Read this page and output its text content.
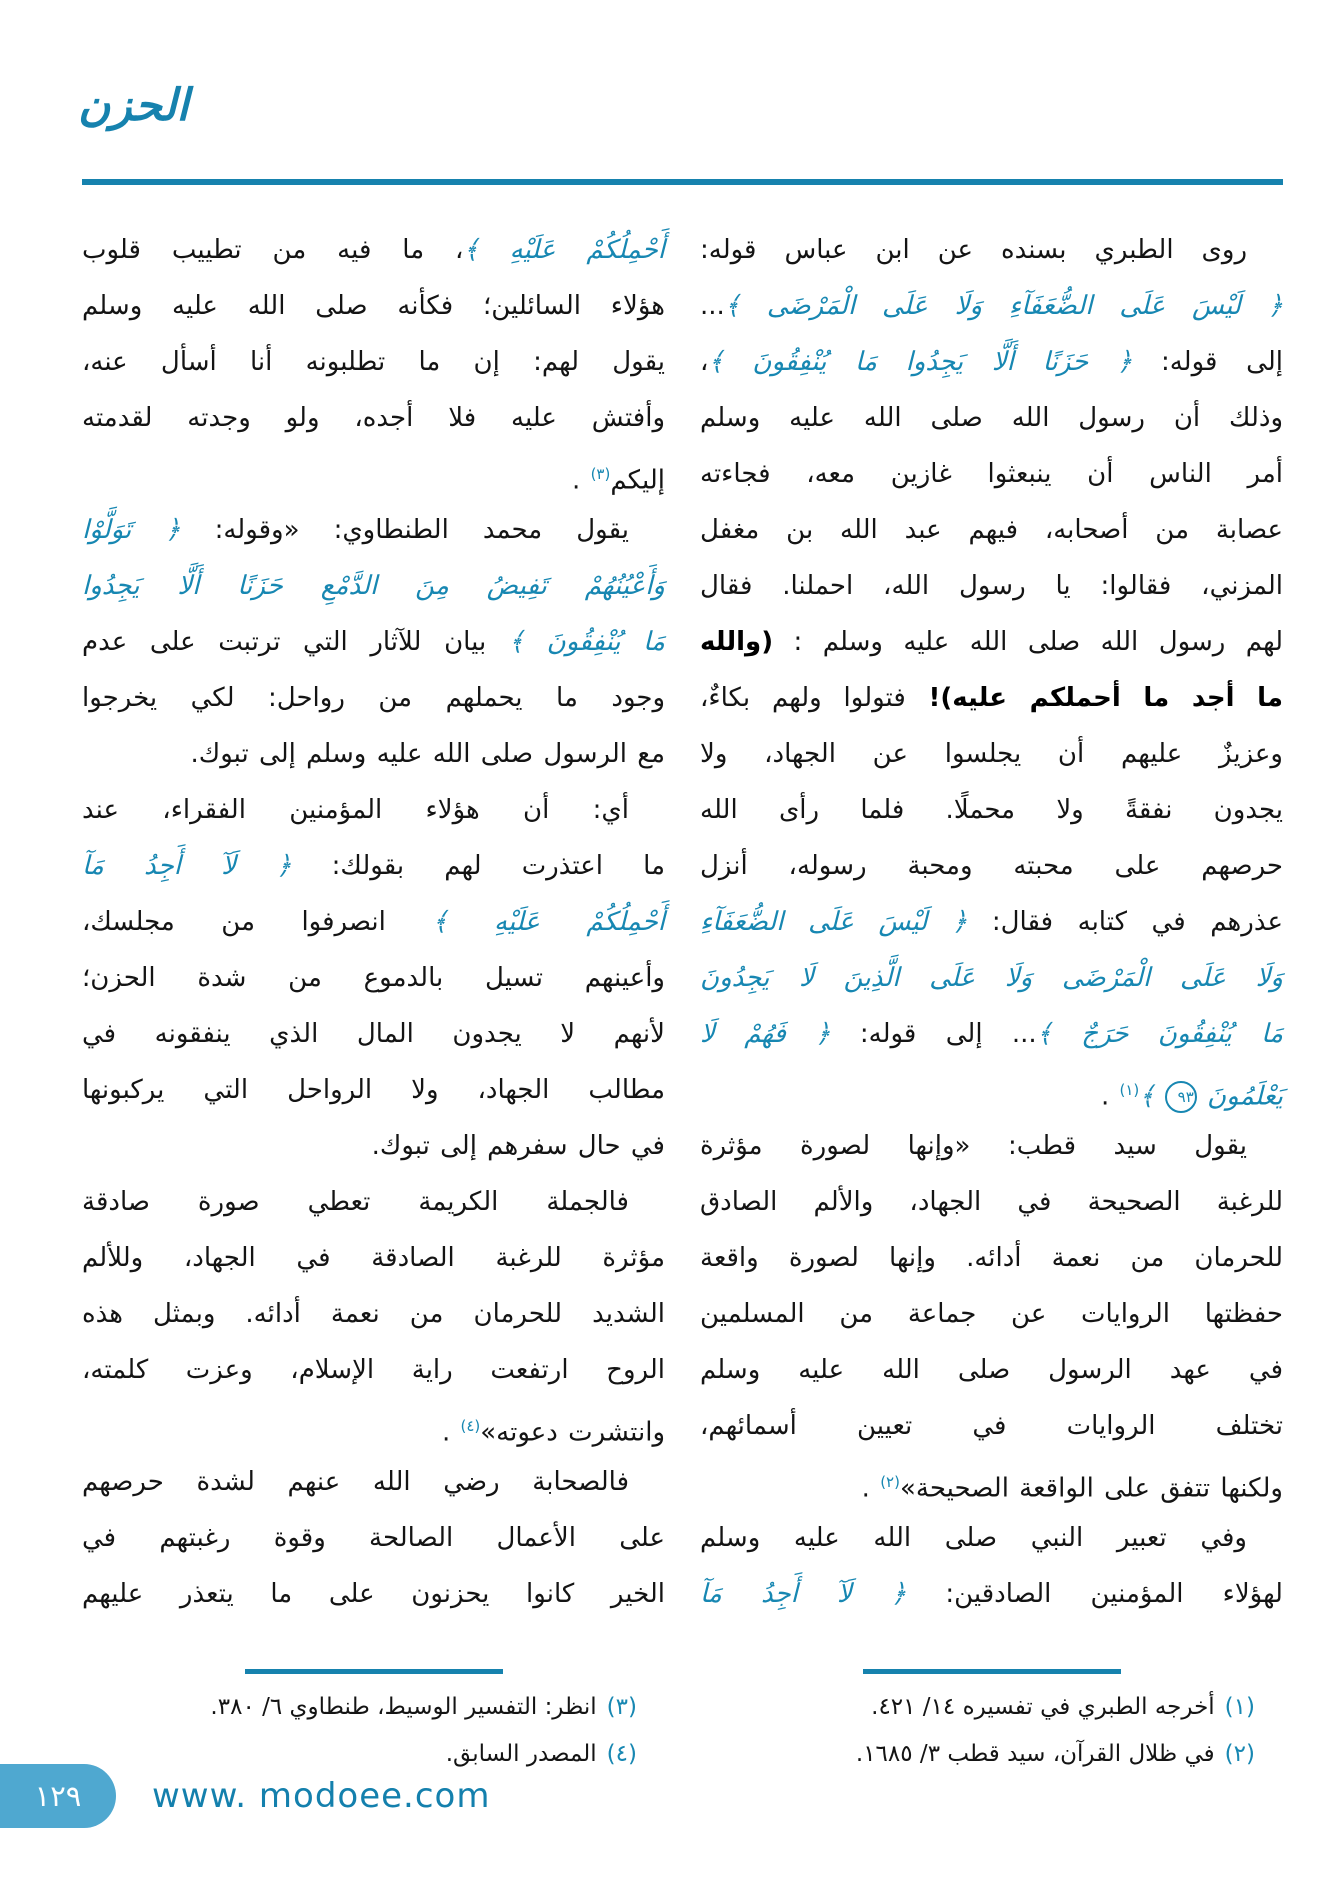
الحزن
روى الطبري بسنده عن ابن عباس قوله:
﴿ لَيْسَ عَلَى الضُّعَفَآءِ وَلَا عَلَى الْمَرْضَى ﴾...
إلى قوله: ﴿ حَزَنًا أَلَّا يَجِدُوا مَا يُنْفِقُونَ ﴾،
وذلك أن رسول الله صلى الله عليه وسلم
أمر الناس أن ينبعثوا غازين معه، فجاءته
عصابة من أصحابه، فيهم عبد الله بن مغفل
المزني، فقالوا: يا رسول الله، احملنا. فقال
لهم رسول الله صلى الله عليه وسلم : (والله
ما أجد ما أحملكم عليه)! فتولوا ولهم بكاءٌ،
وعزيزٌ عليهم أن يجلسوا عن الجهاد، ولا
يجدون نفقةً ولا محملًا. فلما رأى الله
حرصهم على محبته ومحبة رسوله، أنزل
عذرهم في كتابه فقال: ﴿ لَيْسَ عَلَى الضُّعَفَآءِ
وَلَا عَلَى الْمَرْضَى وَلَا عَلَى الَّذِينَ لَا يَجِدُونَ
مَا يُنْفِقُونَ حَرَجٌ ﴾... إلى قوله: ﴿ فَهُمْ لَا
يَعْلَمُونَ ٩٣ ﴾$^{(١)}$ .
يقول سيد قطب: «وإنها لصورة مؤثرة
للرغبة الصحيحة في الجهاد، والألم الصادق
للحرمان من نعمة أدائه. وإنها لصورة واقعة
حفظتها الروايات عن جماعة من المسلمين
في عهد الرسول صلى الله عليه وسلم
تختلف الروايات في تعيين أسمائهم،
ولكنها تتفق على الواقعة الصحيحة»$^{(٢)}$ .
وفي تعبير النبي صلى الله عليه وسلم
لهؤلاء المؤمنين الصادقين: ﴿ لَآ أَجِدُ مَآ
(١)أخرجه الطبري في تفسيره ١٤/ ٤٢١.
(٢)في ظلال القرآن، سيد قطب ٣/ ١٦٨٥.
أَحْمِلُكُمْ عَلَيْهِ ﴾، ما فيه من تطييب قلوب
هؤلاء السائلين؛ فكأنه صلى الله عليه وسلم
يقول لهم: إن ما تطلبونه أنا أسأل عنه،
وأفتش عليه فلا أجده، ولو وجدته لقدمته
إليكم$^{(٣)}$ .
يقول محمد الطنطاوي: «وقوله: ﴿ تَوَلَّوْا
وَأَعْيُنُهُمْ تَفِيضُ مِنَ الدَّمْعِ حَزَنًا أَلَّا يَجِدُوا
مَا يُنْفِقُونَ ﴾ بيان للآثار التي ترتبت على عدم
وجود ما يحملهم من رواحل: لكي يخرجوا
مع الرسول صلى الله عليه وسلم إلى تبوك.
أي: أن هؤلاء المؤمنين الفقراء، عند
ما اعتذرت لهم بقولك: ﴿ لَآ أَجِدُ مَآ
أَحْمِلُكُمْ عَلَيْهِ ﴾ انصرفوا من مجلسك،
وأعينهم تسيل بالدموع من شدة الحزن؛
لأنهم لا يجدون المال الذي ينفقونه في
مطالب الجهاد، ولا الرواحل التي يركبونها
في حال سفرهم إلى تبوك.
فالجملة الكريمة تعطي صورة صادقة
مؤثرة للرغبة الصادقة في الجهاد، وللألم
الشديد للحرمان من نعمة أدائه. وبمثل هذه
الروح ارتفعت راية الإسلام، وعزت كلمته،
وانتشرت دعوته»$^{(٤)}$ .
فالصحابة رضي الله عنهم لشدة حرصهم
على الأعمال الصالحة وقوة رغبتهم في
الخير كانوا يحزنون على ما يتعذر عليهم
(٣)انظر: التفسير الوسيط، طنطاوي ٦/ ٣٨٠.
(٤)المصدر السابق.
١٢٩ www. modoee.com
